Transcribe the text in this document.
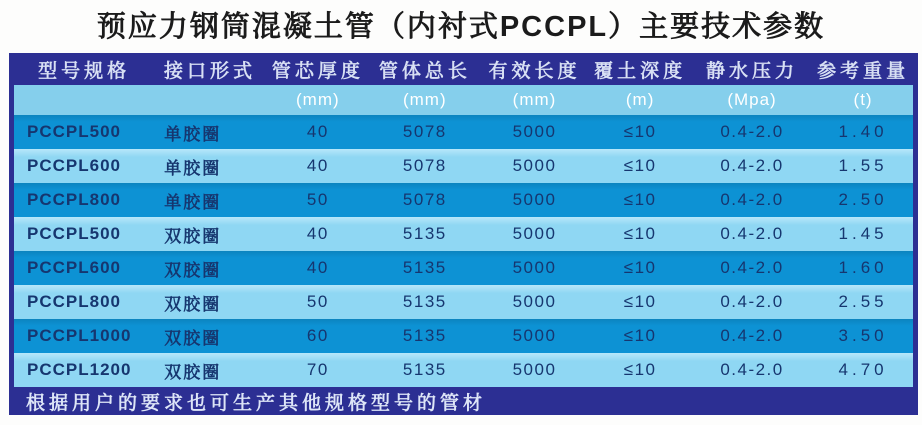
预应力钢筒混凝土管（内衬式PCCPL）主要技术参数
型号规格	接口形式	管芯厚度	管体总长	有效长度	覆土深度	静水压力	参考重量
		(mm)	(mm)	(mm)	(m)	(Mpa)	(t)
PCCPL500	单胶圈	40	5078	5000	≤10	0.4-2.0	1.40
PCCPL600	单胶圈	40	5078	5000	≤10	0.4-2.0	1.55
PCCPL800	单胶圈	50	5078	5000	≤10	0.4-2.0	2.50
PCCPL500	双胶圈	40	5135	5000	≤10	0.4-2.0	1.45
PCCPL600	双胶圈	40	5135	5000	≤10	0.4-2.0	1.60
PCCPL800	双胶圈	50	5135	5000	≤10	0.4-2.0	2.55
PCCPL1000	双胶圈	60	5135	5000	≤10	0.4-2.0	3.50
PCCPL1200	双胶圈	70	5135	5000	≤10	0.4-2.0	4.70
根据用户的要求也可生产其他规格型号的管材							
